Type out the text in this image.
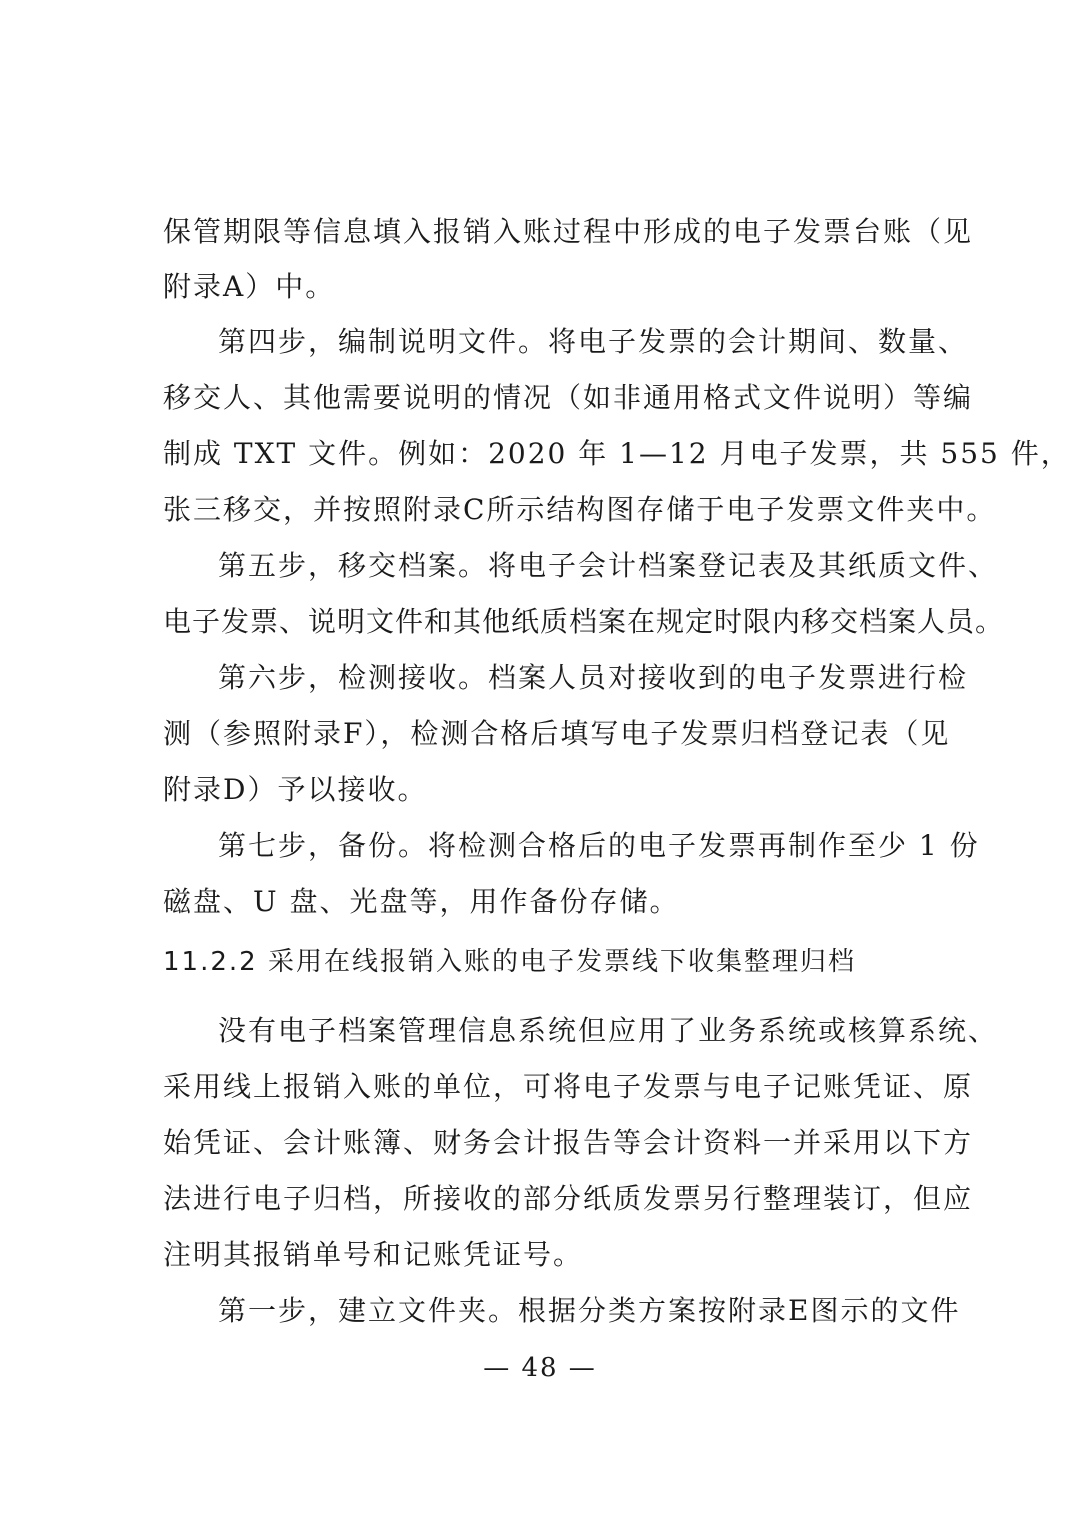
保管期限等信息填入报销入账过程中形成的电子发票台账（见

附录A）中。

第四步，编制说明文件。将电子发票的会计期间、数量、

移交人、其他需要说明的情况（如非通用格式文件说明）等编

制成 TXT 文件。例如：2020 年 1—12 月电子发票，共 555 件，

张三移交，并按照附录C所示结构图存储于电子发票文件夹中。

第五步，移交档案。将电子会计档案登记表及其纸质文件、

电子发票、说明文件和其他纸质档案在规定时限内移交档案人员。

第六步，检测接收。档案人员对接收到的电子发票进行检

测（参照附录F），检测合格后填写电子发票归档登记表（见

附录D）予以接收。

第七步，备份。将检测合格后的电子发票再制作至少 1 份

磁盘、U 盘、光盘等，用作备份存储。

11.2.2 采用在线报销入账的电子发票线下收集整理归档

没有电子档案管理信息系统但应用了业务系统或核算系统、

采用线上报销入账的单位，可将电子发票与电子记账凭证、原

始凭证、会计账簿、财务会计报告等会计资料一并采用以下方

法进行电子归档，所接收的部分纸质发票另行整理装订，但应

注明其报销单号和记账凭证号。

第一步，建立文件夹。根据分类方案按附录E图示的文件

— 48 —
